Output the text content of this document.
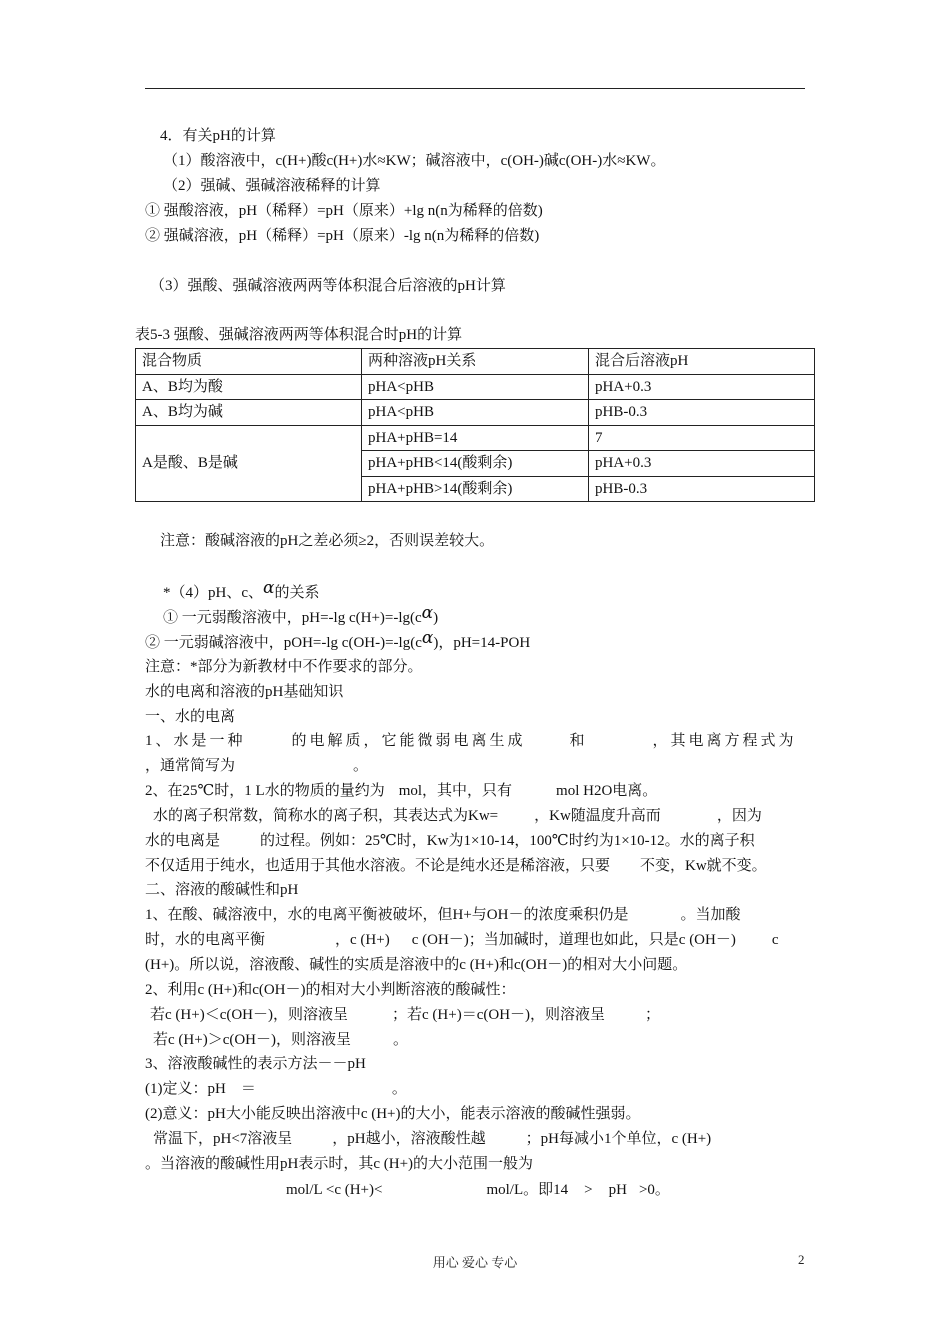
4．有关pH的计算
（1）酸溶液中，c(H+)酸c(H+)水≈KW；碱溶液中，c(OH-)碱c(OH-)水≈KW。
（2）强碱、强碱溶液稀释的计算
① 强酸溶液，pH（稀释）=pH（原来）+lg n(n为稀释的倍数)
② 强碱溶液，pH（稀释）=pH（原来）-lg n(n为稀释的倍数)
（3）强酸、强碱溶液两两等体积混合后溶液的pH计算
表5-3 强酸、强碱溶液两两等体积混合时pH的计算
混合物质	两种溶液pH关系	混合后溶液pH
A、B均为酸	pHA<pHB	pHA+0.3
A、B均为碱	pHA<pHB	pHB-0.3
A是酸、B是碱	pHA+pHB=14	7
	pHA+pHB<14(酸剩余)	pHA+0.3
	pHA+pHB>14(酸剩余)	pHB-0.3
注意：酸碱溶液的pH之差必须≥2，否则误差较大。
*（4）pH、c、α的关系
① 一元弱酸溶液中，pH=-lg c(H+)=-lg(cα)
② 一元弱碱溶液中，pOH=-lg c(OH-)=-lg(cα)，pH=14-POH
注意：*部分为新教材中不作要求的部分。
水的电离和溶液的pH基础知识
一、水的电离
1、水是一种	的电解质，它能微弱电离生成	和	，其电离方程式为
，通常简写为	。
2、在25℃时，1 L水的物质的量约为 mol，其中，只有	mol H2O电离。
水的离子积常数，简称水的离子积，其表达式为Kw= ，Kw随温度升高而	，因为
水的电离是	的过程。例如：25℃时，Kw为1×10-14，100℃时约为1×10-12。水的离子积
不仅适用于纯水，也适用于其他水溶液。不论是纯水还是稀溶液，只要 不变，Kw就不变。
二、溶液的酸碱性和pH
1、在酸、碱溶液中，水的电离平衡被破坏，但H+与OH－的浓度乘积仍是	。当加酸
时，水的电离平衡	，c (H+) c (OH－)；当加碱时，道理也如此，只是c (OH－) c
(H+)。所以说，溶液酸、碱性的实质是溶液中的c (H+)和c(OH－)的相对大小问题。
2、利用c (H+)和c(OH－)的相对大小判断溶液的酸碱性：
若c (H+)＜c(OH－)，则溶液呈	；若c (H+)＝c(OH－)，则溶液呈	；
若c (H+)＞c(OH－)，则溶液呈	。
3、溶液酸碱性的表示方法－－pH
(1)定义：pH　＝	。
(2)意义：pH大小能反映出溶液中c (H+)的大小，能表示溶液的酸碱性强弱。
常温下，pH<7溶液呈	，pH越小，溶液酸性越	；pH每减小1个单位，c (H+)
。当溶液的酸碱性用pH表示时，其c (H+)的大小范围一般为
mol/L <c (H+)<	mol/L。即14 > pH >0。
用心 爱心 专心	2
